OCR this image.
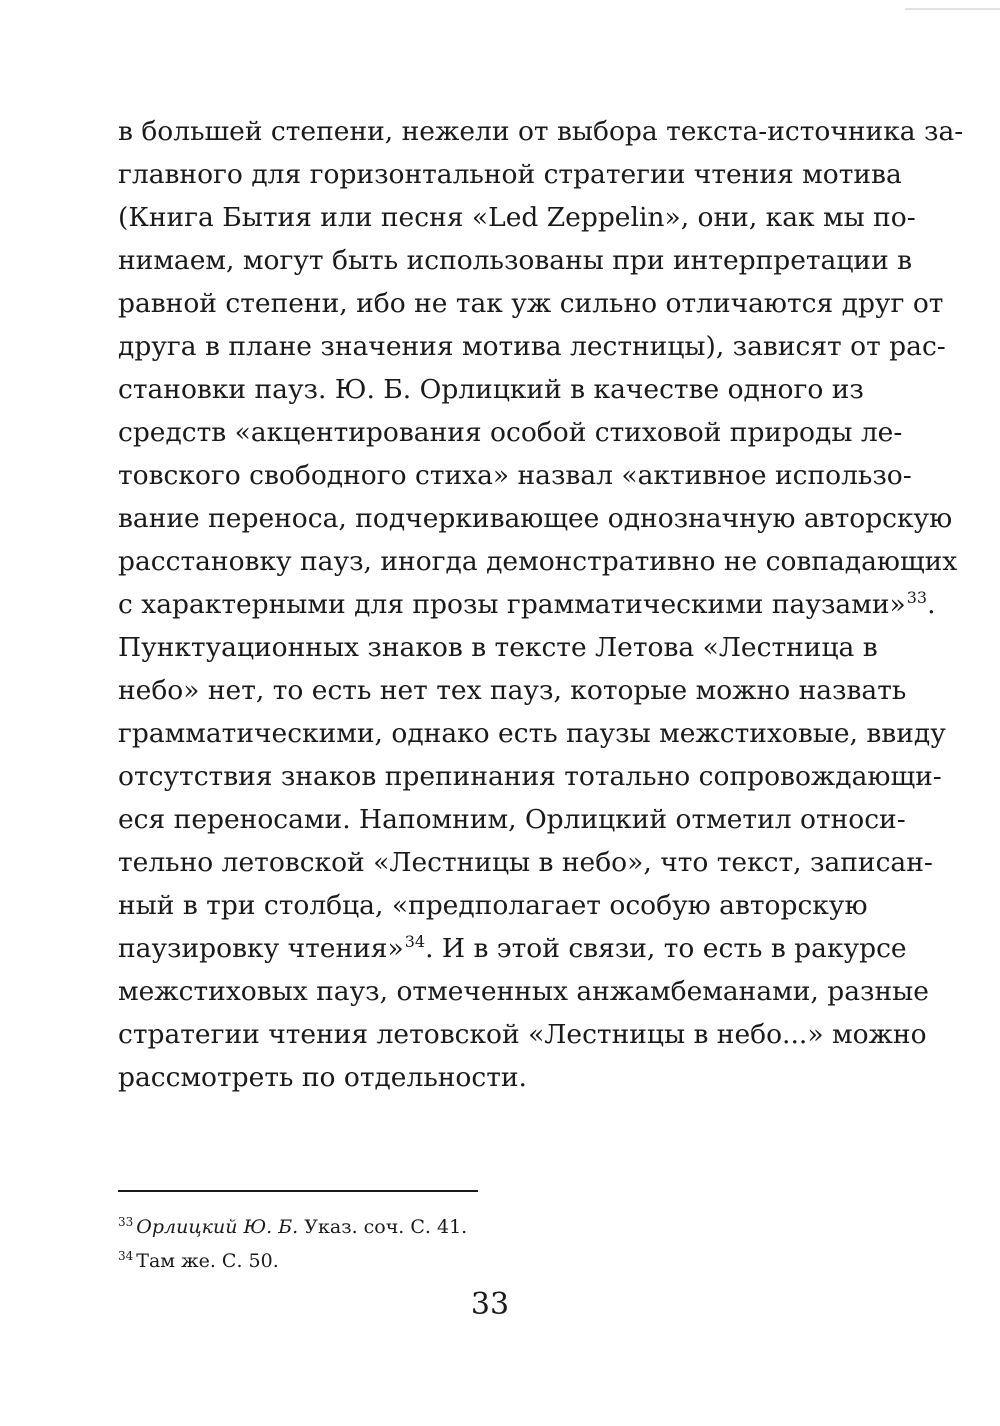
в большей степени, нежели от выбора текста-источника за-
главного для горизонтальной стратегии чтения мотива
(Книга Бытия или песня «Led Zeppelin», они, как мы по-
нимаем, могут быть использованы при интерпретации в
равной степени, ибо не так уж сильно отличаются друг от
друга в плане значения мотива лестницы), зависят от рас-
становки пауз. Ю. Б. Орлицкий в качестве одного из
средств «акцентирования особой стиховой природы ле-
товского свободного стиха» назвал «активное использо-
вание переноса, подчеркивающее однозначную авторскую
расстановку пауз, иногда демонстративно не совпадающих
с характерными для прозы грамматическими паузами»$^{33}$.
Пунктуационных знаков в тексте Летова «Лестница в
небо» нет, то есть нет тех пауз, которые можно назвать
грамматическими, однако есть паузы межстиховые, ввиду
отсутствия знаков препинания тотально сопровождающи-
еся переносами. Напомним, Орлицкий отметил относи-
тельно летовской «Лестницы в небо», что текст, записан-
ный в три столбца, «предполагает особую авторскую
паузировку чтения»$^{34}$. И в этой связи, то есть в ракурсе
межстиховых пауз, отмеченных анжамбеманами, разные
стратегии чтения летовской «Лестницы в небо...» можно
рассмотреть по отдельности.
$^{33}$ Орлицкий Ю. Б. Указ. соч. С. 41.
$^{34}$ Там же. С. 50.
33
